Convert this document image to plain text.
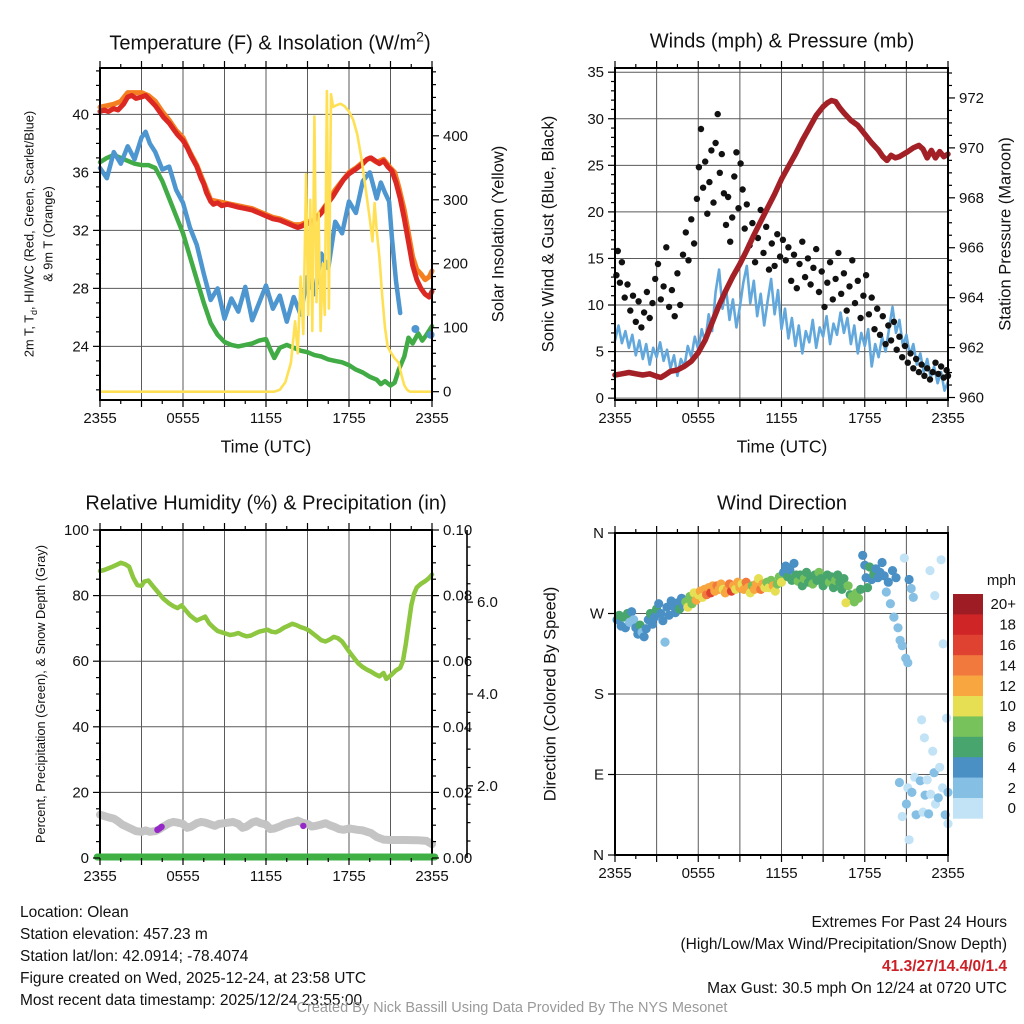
24
28
32
36
40
0
100
200
300
400
2355	0555	1155	1755	2355
0
5
10
15
20
25
30
35
960
962
964
966
968
970
972
2355	0555	1155	1755	2355
0
20
40
60
80
100
0.00
0.02
0.04
0.06
0.08
0.10
2.0
4.0
6.0
2355	0555	1155	1755	2355
N
E
S
W
N
2355	0555	1155	1755	2355
mph
20+
18
16
14
12
10
8
6
4
2
0
Temperature (F) & Insolation $(W/m^2)$	Winds (mph) & Pressure (mb)
Relative Humidity (%) & Precipitation (in)	Wind Direction
Time (UTC)	Time (UTC)
2m T, $T_d$, HI/WC (Red, Green, Scarlet/Blue) & 9m T (Orange)	Solar Insolation (Yellow) Sonic Wind & Gust (Blue, Black)	Station Pressure (Maroon)
Percent, Precipitation (Green), & Snow Depth (Gray)	Direction (Colored By Speed)
Location: Olean
Station elevation: 457.23 m
Station lat/lon: 42.0914; -78.4074
Figure created on Wed, 2025-12-24, at 23:58 UTC
Most recent data timestamp: 2025/12/24 23:55:00
Extremes For Past 24 Hours
(High/Low/Max Wind/Precipitation/Snow Depth)
41.3/27/14.4/0/1.4
Max Gust: 30.5 mph On 12/24 at 0720 UTC
Created By Nick Bassill Using Data Provided By The NYS Mesonet
